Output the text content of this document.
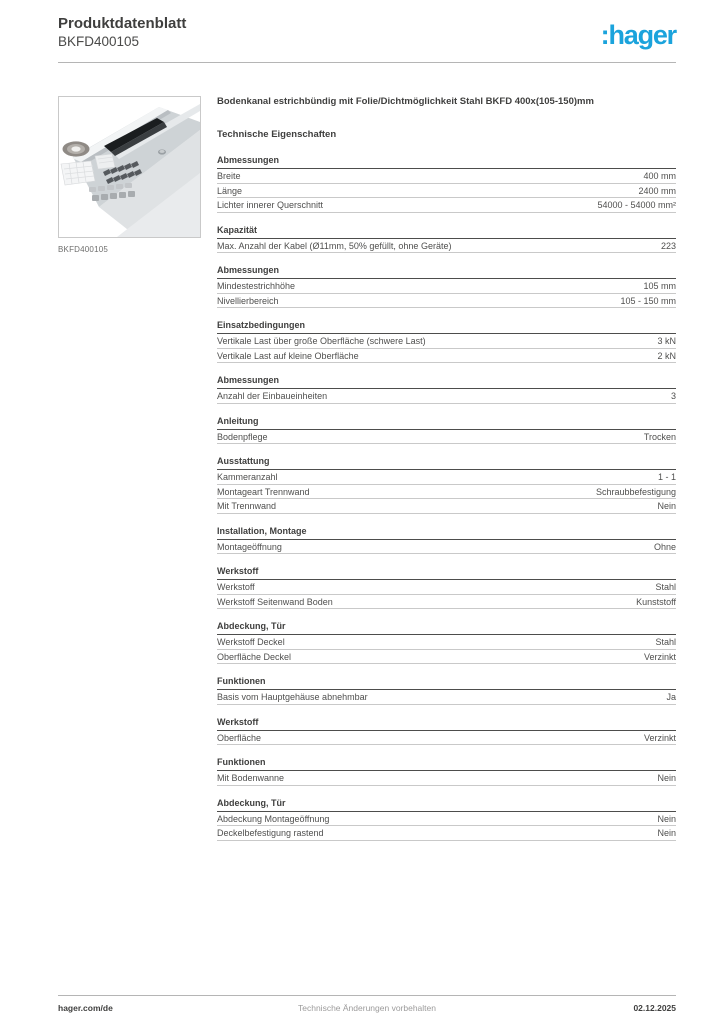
Produktdatenblatt
BKFD400105	:hager
BKFD400105
Bodenkanal estrichbündig mit Folie/Dichtmöglichkeit Stahl BKFD 400x(105-150)mm
Technische Eigenschaften
Abmessungen
Breite	400 mm
Länge	2400 mm
Lichter innerer Querschnitt	54000 - 54000 mm²
Kapazität
Max. Anzahl der Kabel (Ø11mm, 50% gefüllt, ohne Geräte)	223
Abmessungen
Mindestestrichhöhe	105 mm
Nivellierbereich	105 - 150 mm
Einsatzbedingungen
Vertikale Last über große Oberfläche (schwere Last)	3 kN
Vertikale Last auf kleine Oberfläche	2 kN
Abmessungen
Anzahl der Einbaueinheiten	3
Anleitung
Bodenpflege	Trocken
Ausstattung
Kammeranzahl	1 - 1
Montageart Trennwand	Schraubbefestigung
Mit Trennwand	Nein
Installation, Montage
Montageöffnung	Ohne
Werkstoff
Werkstoff	Stahl
Werkstoff Seitenwand Boden	Kunststoff
Abdeckung, Tür
Werkstoff Deckel	Stahl
Oberfläche Deckel	Verzinkt
Funktionen
Basis vom Hauptgehäuse abnehmbar	Ja
Werkstoff
Oberfläche	Verzinkt
Funktionen
Mit Bodenwanne	Nein
Abdeckung, Tür
Abdeckung Montageöffnung	Nein
Deckelbefestigung rastend	Nein
hager.com/de	Technische Änderungen vorbehalten	02.12.2025
